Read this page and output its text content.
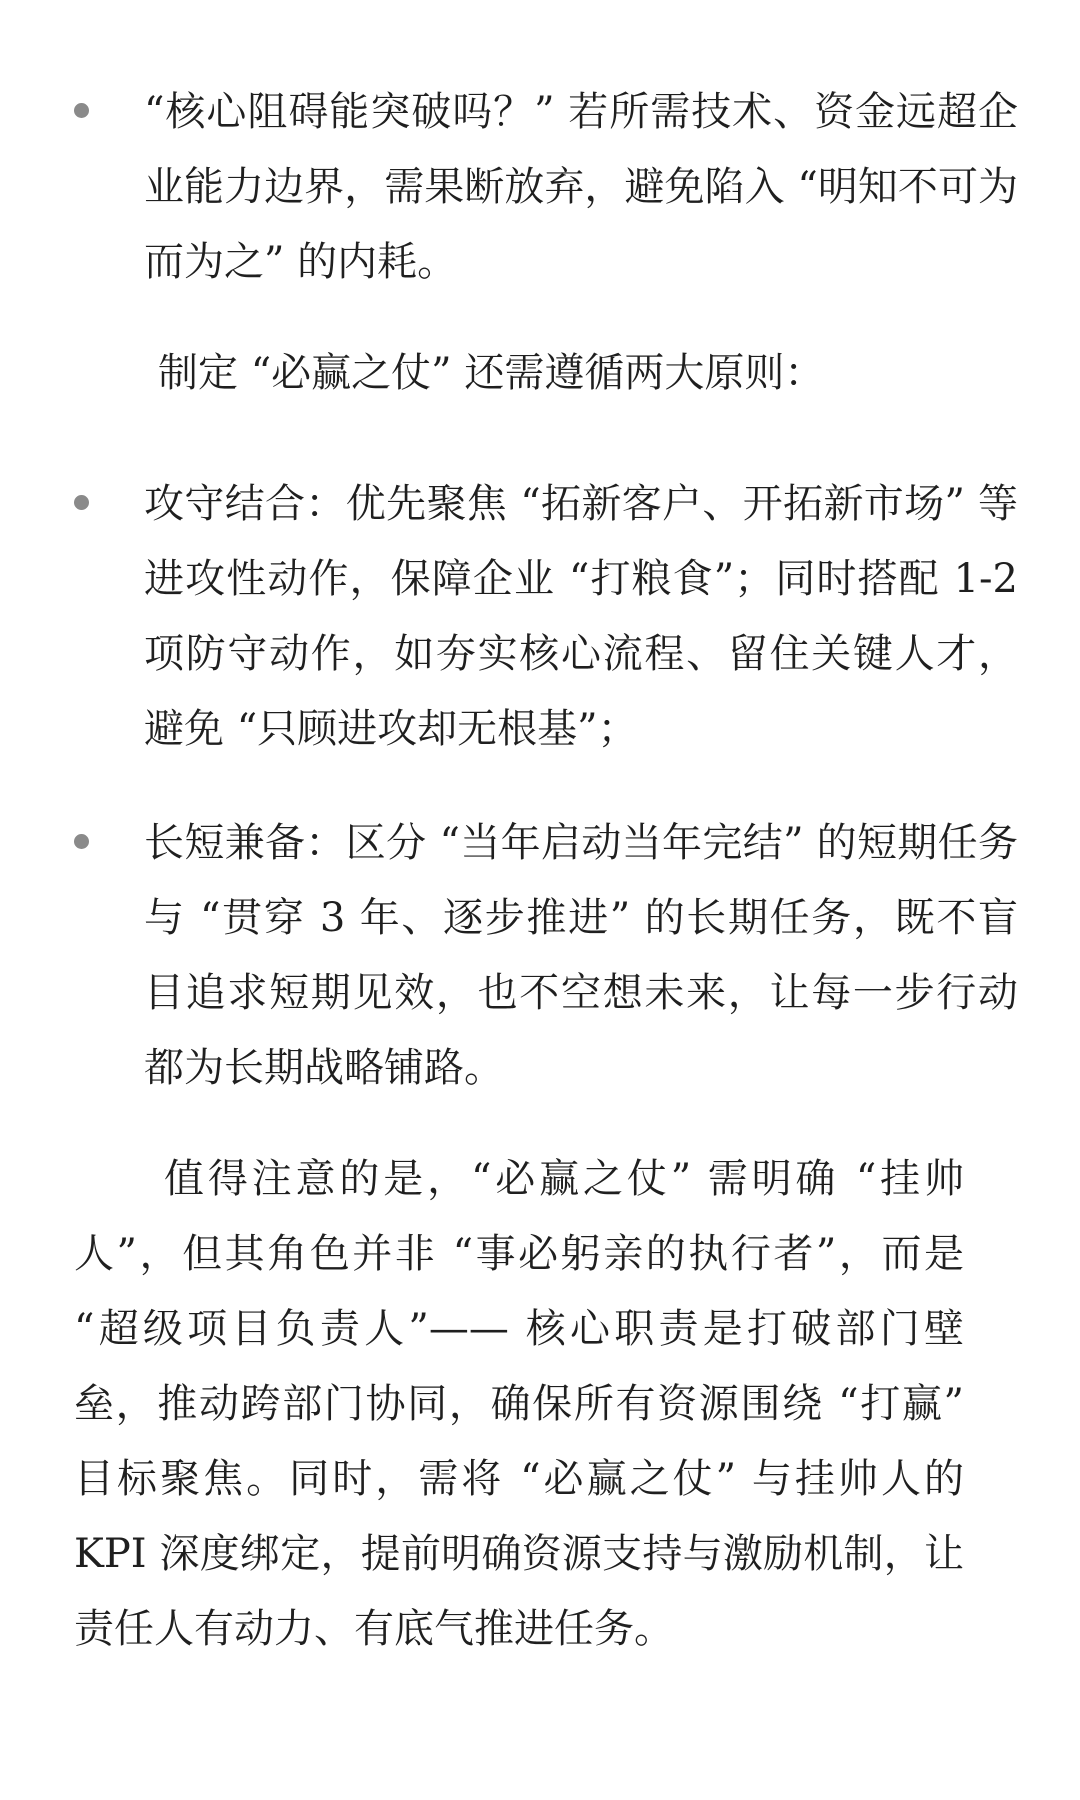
“核心阻碍能突破吗？” 若所需技术、资金远超企业能力边界，需果断放弃，避免陷入 “明知不可为而为之” 的内耗。
制定 “必赢之仗” 还需遵循两大原则：
攻守结合：优先聚焦 “拓新客户、开拓新市场” 等进攻性动作，保障企业 “打粮食”；同时搭配 1-2 项防守动作，如夯实核心流程、留住关键人才，避免 “只顾进攻却无根基”；
长短兼备：区分 “当年启动当年完结” 的短期任务与 “贯穿 3 年、逐步推进” 的长期任务，既不盲目追求短期见效，也不空想未来，让每一步行动都为长期战略铺路。
值得注意的是，“必赢之仗” 需明确 “挂帅人”，但其角色并非 “事必躬亲的执行者”，而是 “超级项目负责人”—— 核心职责是打破部门壁垒，推动跨部门协同，确保所有资源围绕 “打赢” 目标聚焦。同时，需将 “必赢之仗” 与挂帅人的 KPI 深度绑定，提前明确资源支持与激励机制，让责任人有动力、有底气推进任务。
